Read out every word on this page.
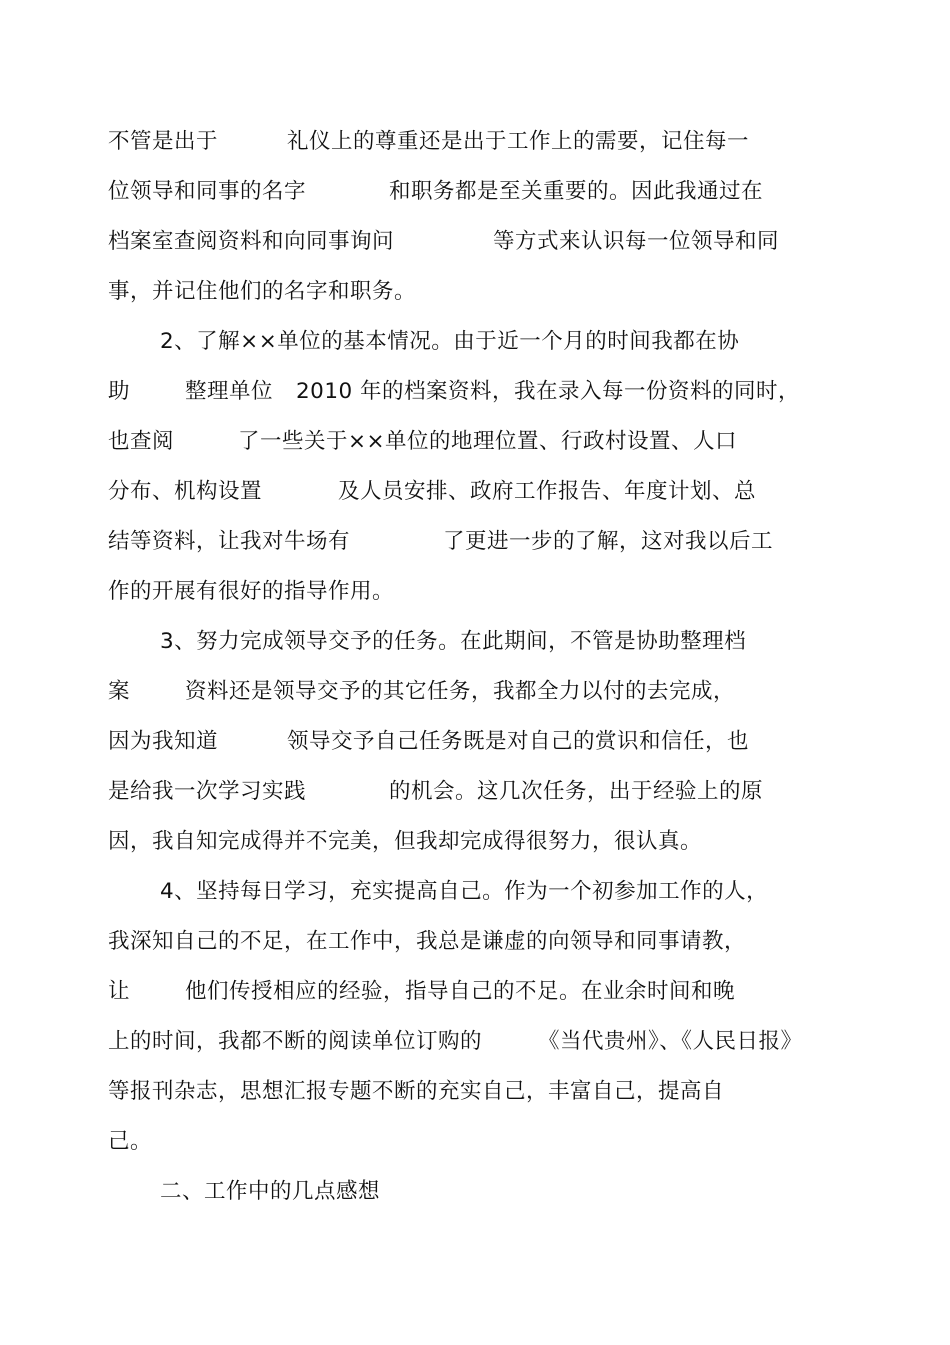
不管是出于	礼仪上的尊重还是出于工作上的需要，记住每一
位领导和同事的名字	和职务都是至关重要的。因此我通过在
档案室查阅资料和向同事询问	等方式来认识每一位领导和同
事，并记住他们的名字和职务。
2、了解××单位的基本情况。由于近一个月的时间我都在协
助	整理单位 2010 年的档案资料，我在录入每一份资料的同时，
也查阅	了一些关于××单位的地理位置、行政村设置、人口
分布、机构设置	及人员安排、政府工作报告、年度计划、总
结等资料，让我对牛场有	了更进一步的了解，这对我以后工
作的开展有很好的指导作用。
3、努力完成领导交予的任务。在此期间，不管是协助整理档
案	资料还是领导交予的其它任务，我都全力以付的去完成，
因为我知道	领导交予自己任务既是对自己的赏识和信任，也
是给我一次学习实践	的机会。这几次任务，出于经验上的原
因，我自知完成得并不完美，但我却完成得很努力，很认真。
4、坚持每日学习，充实提高自己。作为一个初参加工作的人，
我深知自己的不足，在工作中，我总是谦虚的向领导和同事请教，
让	他们传授相应的经验，指导自己的不足。在业余时间和晚
上的时间，我都不断的阅读单位订购的	《当代贵州》、《人民日报》
等报刊杂志，思想汇报专题不断的充实自己，丰富自己，提高自
己。
二、工作中的几点感想
